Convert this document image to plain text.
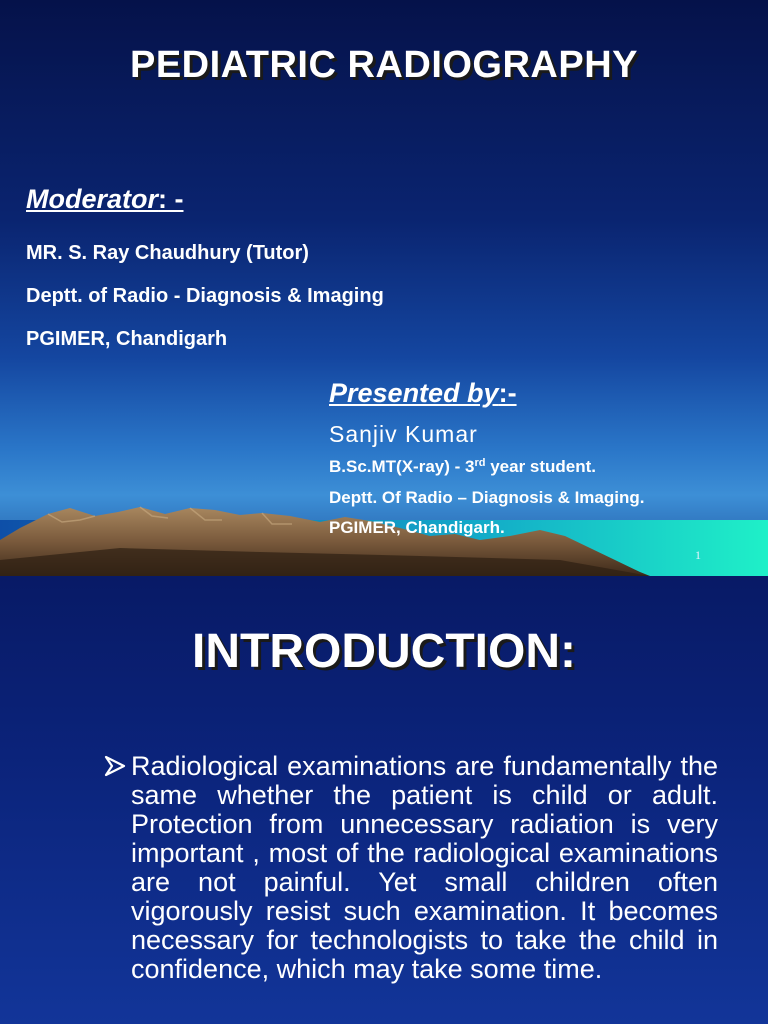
PEDIATRIC RADIOGRAPHY
Moderator: -

MR. S. Ray Chaudhury (Tutor)

Deptt. of Radio - Diagnosis & Imaging

PGIMER, Chandigarh

Presented by:-

Sanjiv Kumar

B.Sc.MT(X-ray) - 3rd year student.

Deptt. Of Radio – Diagnosis & Imaging.

PGIMER, Chandigarh.

1
INTRODUCTION:

Radiological examinations are fundamentally the same whether the patient is child or adult. Protection from unnecessary radiation is very important , most of the radiological examinations are not painful. Yet small children often vigorously resist such examination. It becomes necessary for technologists to take the child in confidence, which may take some time.
